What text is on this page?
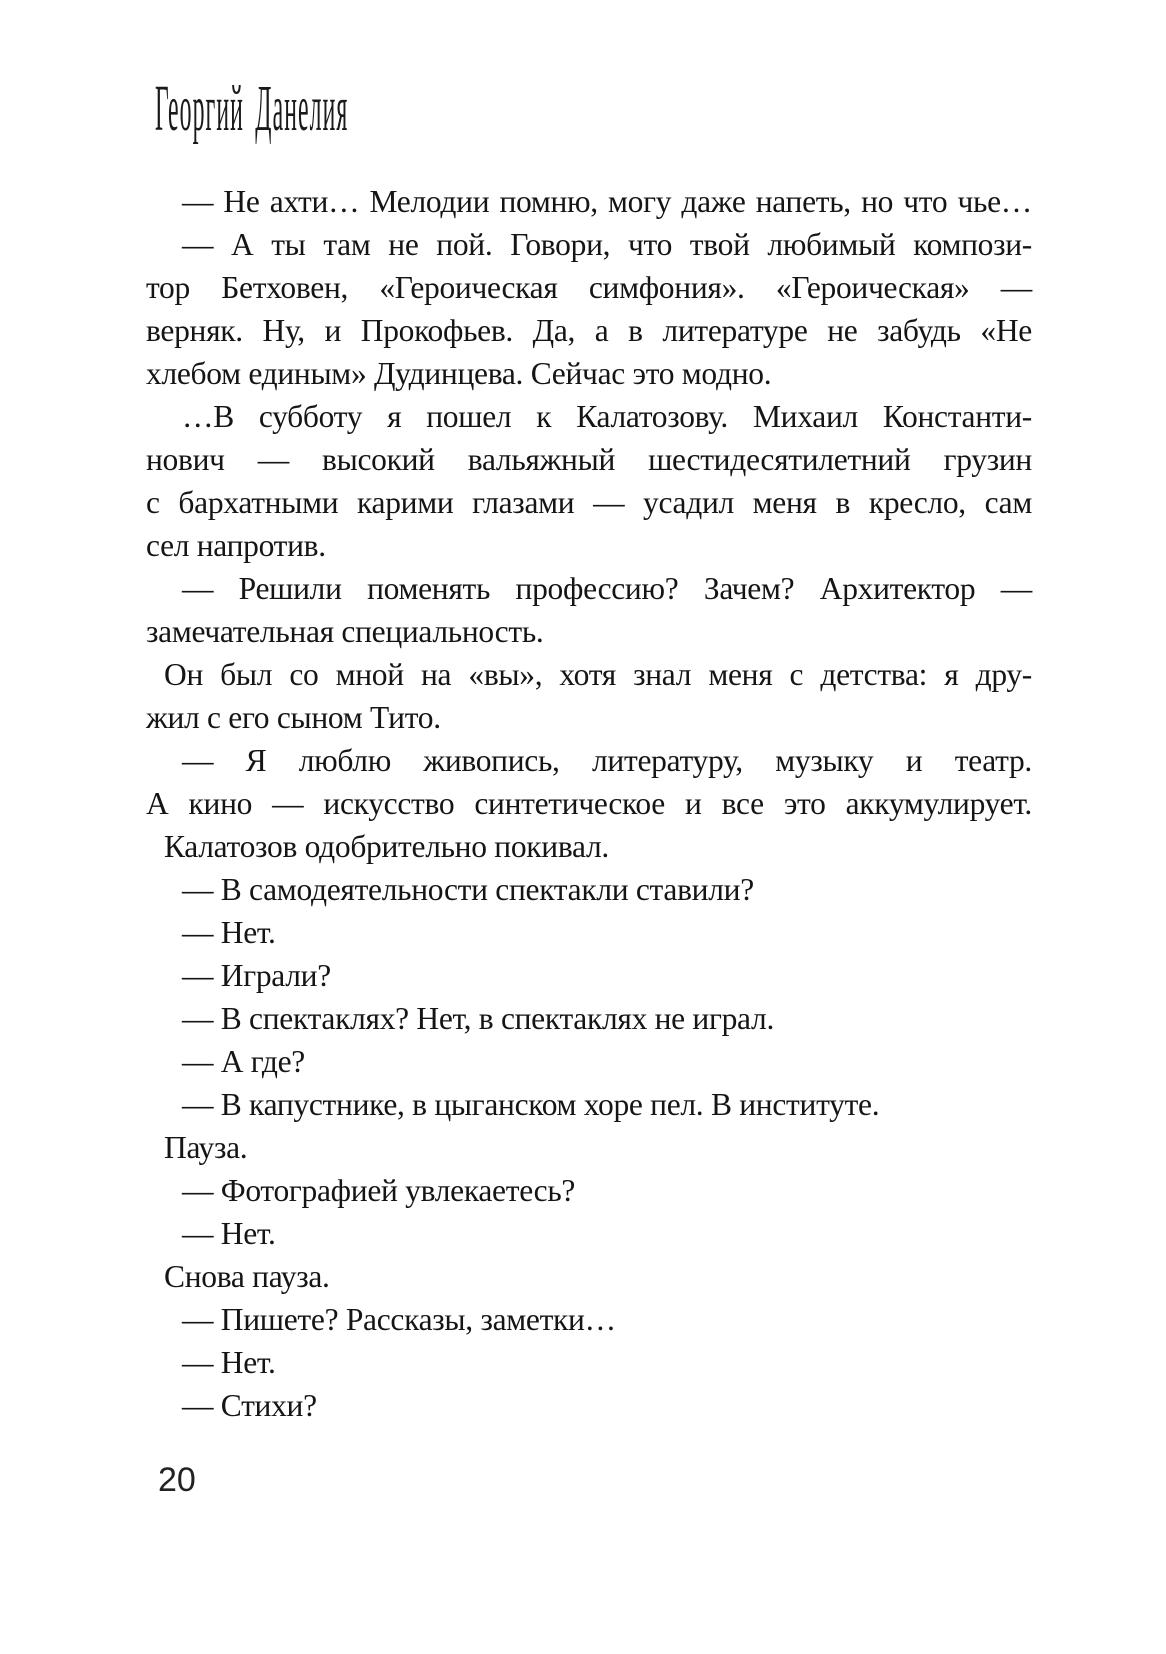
Георгий Данелия
— Не ахти… Мелодии помню, могу даже напеть, но что чье…
— А ты там не пой. Говори, что твой любимый компози-
тор Бетховен, «Героическая симфония». «Героическая» —
верняк. Ну, и Прокофьев. Да, а в литературе не забудь «Не
хлебом единым» Дудинцева. Сейчас это модно.
…В субботу я пошел к Калатозову. Михаил Константи-
нович — высокий вальяжный шестидесятилетний грузин
с бархатными карими глазами — усадил меня в кресло, сам
сел напротив.
— Решили поменять профессию? Зачем? Архитектор —
замечательная специальность.
Он был со мной на «вы», хотя знал меня с детства: я дру-
жил с его сыном Тито.
— Я люблю живопись, литературу, музыку и театр.
А кино — искусство синтетическое и все это аккумулирует.
Калатозов одобрительно покивал.
— В самодеятельности спектакли ставили?
— Нет.
— Играли?
— В спектаклях? Нет, в спектаклях не играл.
— А где?
— В капустнике, в цыганском хоре пел. В институте.
Пауза.
— Фотографией увлекаетесь?
— Нет.
Снова пауза.
— Пишете? Рассказы, заметки…
— Нет.
— Стихи?
20
